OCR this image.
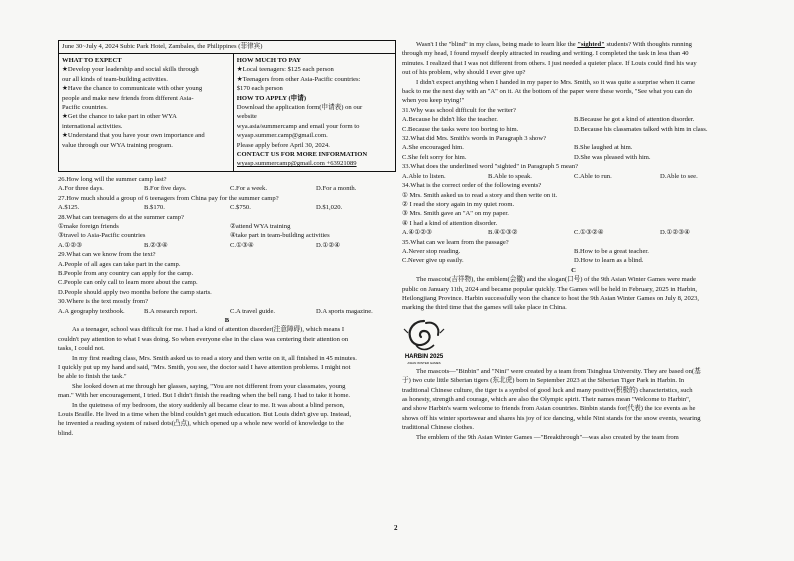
June 30~July 4, 2024 Subic Park Hotel, Zambales, the Philippines (菲律宾)
WHAT TO EXPECT
★Develop your leadership and social skills through
our all kinds of team-building activities.
★Have the chance to communicate with other young
people and make new friends from different Asia-
Pacific countries.
★Get the chance to take part in other WYA
international activities.
★Understand that you have your own importance and
value through our WYA training program.
HOW MUCH TO PAY
★Local teenagers: $125 each person
★Teenagers from other Asia-Pacific countries:
$170 each person
HOW TO APPLY (申请)
Download the application form(申请表) on our
website
wya.asia/summercamp and email your form to
wyasp.summer.camp@gmail.com.
Please apply before April 30, 2024.
CONTACT US FOR MORE INFORMATION
wyasp.summercamp@gmail.com +63921089
26.How long will the summer camp last?
A.For three days.	B.For five days.	C.For a week.	D.For a month.
27.How much should a group of 6 teenagers from China pay for the summer camp?
A.$125.	B.$170.	C.$750.	D.$1,020.
28.What can teenagers do at the summer camp?
①make foreign friends	②attend WYA training
③travel to Asia-Pacific countries	④take part in team-building activities
A.①②③	B.②③④	C.①③④	D.①②④
29.What can we know from the text?
A.People of all ages can take part in the camp.
B.People from any country can apply for the camp.
C.People can only call to learn more about the camp.
D.People should apply two months before the camp starts.
30.Where is the text mostly from?
A.A geography textbook.	B.A research report.	C.A travel guide.	D.A sports magazine.
B
As a teenager, school was difficult for me. I had a kind of attention disorder(注意障碍), which means I
couldn't pay attention to what I was doing. So when everyone else in the class was centering their attention on
tasks, I could not.
In my first reading class, Mrs. Smith asked us to read a story and then write on it, all finished in 45 minutes.
I quickly put up my hand and said, "Mrs. Smith, you see, the doctor said I have attention problems. I might not
be able to finish the task."
She looked down at me through her glasses, saying, "You are not different from your classmates, young
man." With her encouragement, I tried. But I didn't finish the reading when the bell rang. I had to take it home.
In the quietness of my bedroom, the story suddenly all became clear to me. It was about a blind person,
Louis Braille. He lived in a time when the blind couldn't get much education. But Louis didn't give up. Instead,
he invented a reading system of raised dots(凸点), which opened up a whole new world of knowledge to the
blind.
Wasn't I the "blind" in my class, being made to learn like the "sighted" students? With thoughts running
through my head, I found myself deeply attracted in reading and writing. I completed the task in less than 40
minutes. I realized that I was not different from others. I just needed a quieter place. If Louis could find his way
out of his problem, why should I ever give up?
I didn't expect anything when I handed in my paper to Mrs. Smith, so it was quite a surprise when it came
back to me the next day with an "A" on it. At the bottom of the paper were these words, "See what you can do
when you keep trying!"
31.Why was school difficult for the writer?
A.Because he didn't like the teacher.	B.Because he got a kind of attention disorder.
C.Because the tasks were too boring to him.	D.Because his classmates talked with him in class.
32.What did Mrs. Smith's words in Paragraph 3 show?
A.She encouraged him.	B.She laughed at him.
C.She felt sorry for him.	D.She was pleased with him.
33.What does the underlined word "sighted" in Paragraph 5 mean?
A.Able to listen.	B.Able to speak.	C.Able to run.	D.Able to see.
34.What is the correct order of the following events?
① Mrs. Smith asked us to read a story and then write on it.
② I read the story again in my quiet room.
③ Mrs. Smith gave an "A" on my paper.
④ I had a kind of attention disorder.
A.④①②③	B.④①③②	C.①③②④	D.①②③④
35.What can we learn from the passage?
A.Never stop reading.	B.How to be a great teacher.
C.Never give up easily.	D.How to learn as a blind.
C
The mascots(吉祥物), the emblem(会徽) and the slogan(口号) of the 9th Asian Winter Games were made
public on January 11th, 2024 and became popular quickly. The Games will be held in February, 2025 in Harbin,
Heilongjiang Province. Harbin successfully won the chance to host the 9th Asian Winter Games on July 8, 2023,
marking the third time that the games will take place in China.
HARBIN 2025
ASIAN WINTER GAMES
The mascots—"Binbin" and "Nini" were created by a team from Tsinghua University. They are based on(基
于) two cute little Siberian tigers (东北虎) born in September 2023 at the Siberian Tiger Park in Harbin. In
traditional Chinese culture, the tiger is a symbol of good luck and many positive(积极的) characteristics, such
as honesty, strength and courage, which are also the Olympic spirit. Their names mean "Welcome to Harbin",
and show Harbin's warm welcome to friends from Asian countries. Binbin stands for(代表) the ice events as he
shows off his winter sportswear and shares his joy of ice dancing, while Nini stands for the snow events, wearing
traditional Chinese clothes.
The emblem of the 9th Asian Winter Games —"Breakthrough"—was also created by the team from
2
